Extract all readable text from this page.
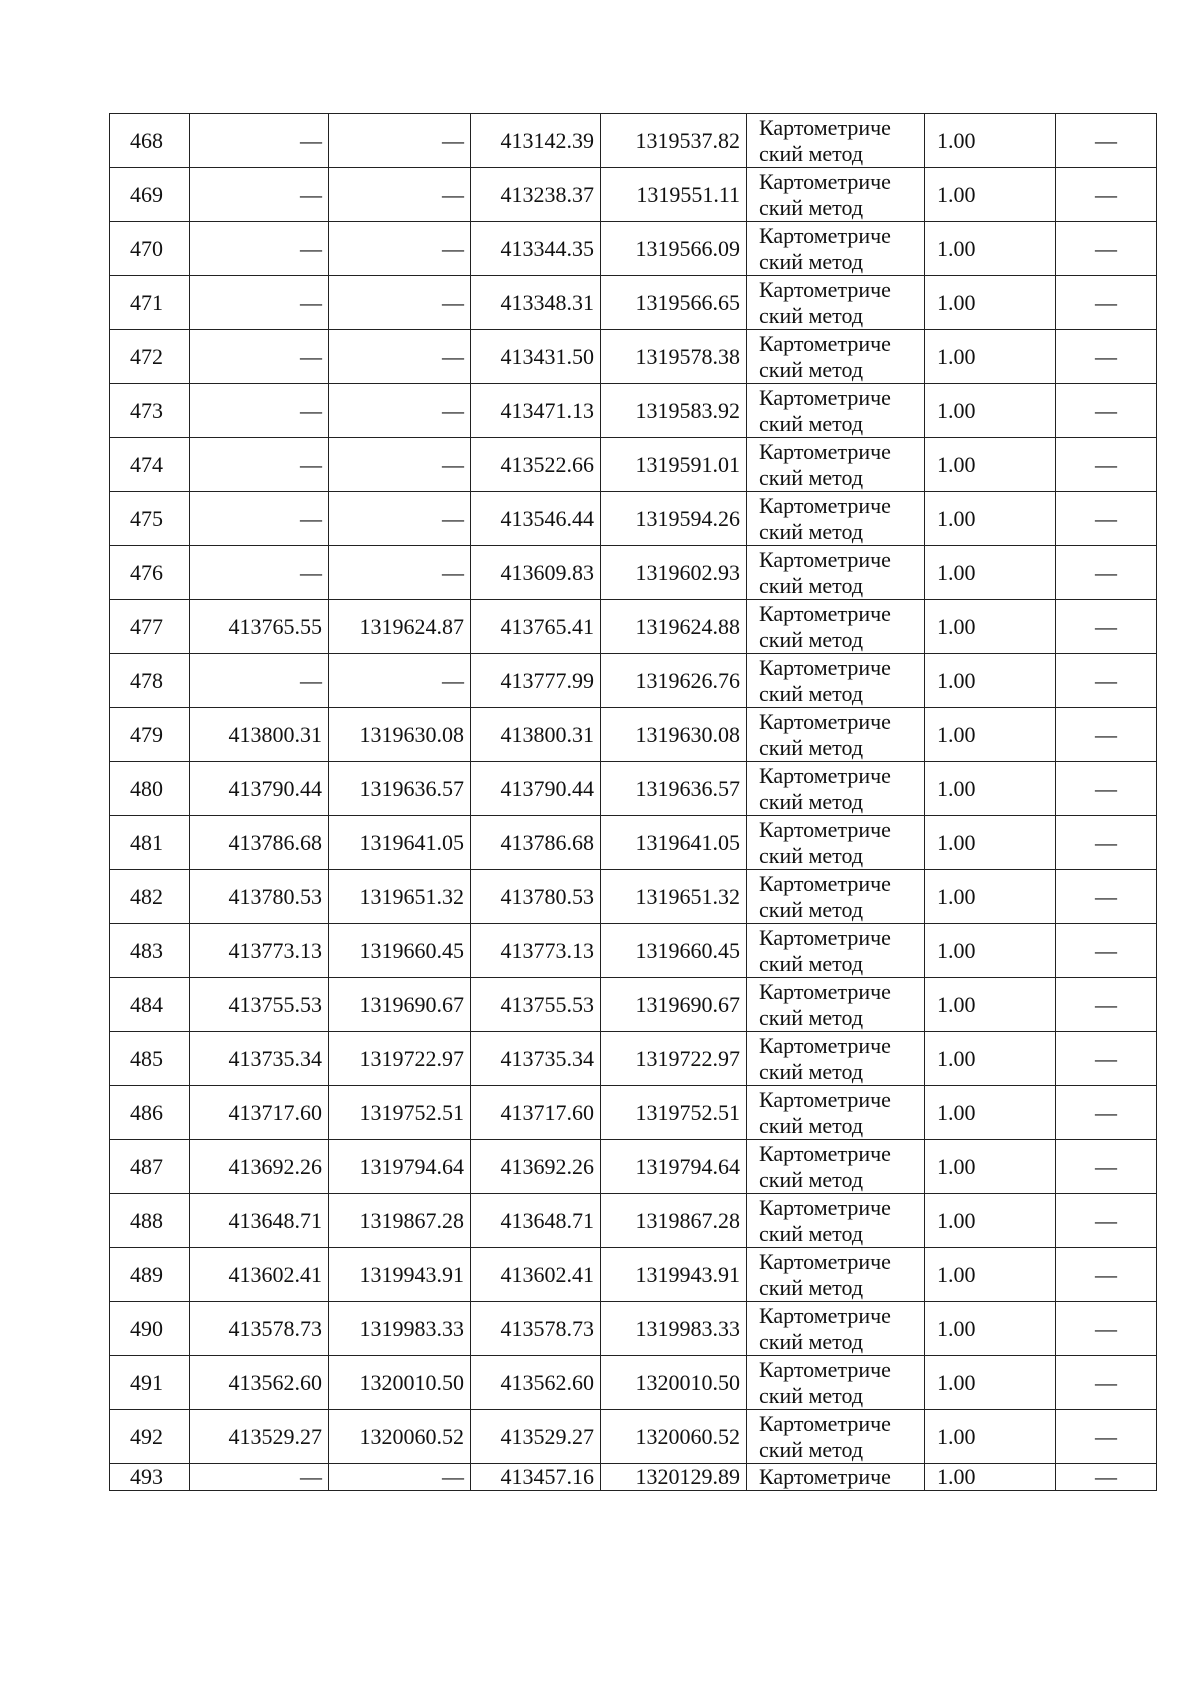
468	—	—	413142.39	1319537.82	Картометриче
ский метод	1.00	—
469	—	—	413238.37	1319551.11	Картометриче
ский метод	1.00	—
470	—	—	413344.35	1319566.09	Картометриче
ский метод	1.00	—
471	—	—	413348.31	1319566.65	Картометриче
ский метод	1.00	—
472	—	—	413431.50	1319578.38	Картометриче
ский метод	1.00	—
473	—	—	413471.13	1319583.92	Картометриче
ский метод	1.00	—
474	—	—	413522.66	1319591.01	Картометриче
ский метод	1.00	—
475	—	—	413546.44	1319594.26	Картометриче
ский метод	1.00	—
476	—	—	413609.83	1319602.93	Картометриче
ский метод	1.00	—
477	413765.55	1319624.87	413765.41	1319624.88	Картометриче
ский метод	1.00	—
478	—	—	413777.99	1319626.76	Картометриче
ский метод	1.00	—
479	413800.31	1319630.08	413800.31	1319630.08	Картометриче
ский метод	1.00	—
480	413790.44	1319636.57	413790.44	1319636.57	Картометриче
ский метод	1.00	—
481	413786.68	1319641.05	413786.68	1319641.05	Картометриче
ский метод	1.00	—
482	413780.53	1319651.32	413780.53	1319651.32	Картометриче
ский метод	1.00	—
483	413773.13	1319660.45	413773.13	1319660.45	Картометриче
ский метод	1.00	—
484	413755.53	1319690.67	413755.53	1319690.67	Картометриче
ский метод	1.00	—
485	413735.34	1319722.97	413735.34	1319722.97	Картометриче
ский метод	1.00	—
486	413717.60	1319752.51	413717.60	1319752.51	Картометриче
ский метод	1.00	—
487	413692.26	1319794.64	413692.26	1319794.64	Картометриче
ский метод	1.00	—
488	413648.71	1319867.28	413648.71	1319867.28	Картометриче
ский метод	1.00	—
489	413602.41	1319943.91	413602.41	1319943.91	Картометриче
ский метод	1.00	—
490	413578.73	1319983.33	413578.73	1319983.33	Картометриче
ский метод	1.00	—
491	413562.60	1320010.50	413562.60	1320010.50	Картометриче
ский метод	1.00	—
492	413529.27	1320060.52	413529.27	1320060.52	Картометриче
ский метод	1.00	—
493	—	—	413457.16	1320129.89	Картометриче	1.00	—
